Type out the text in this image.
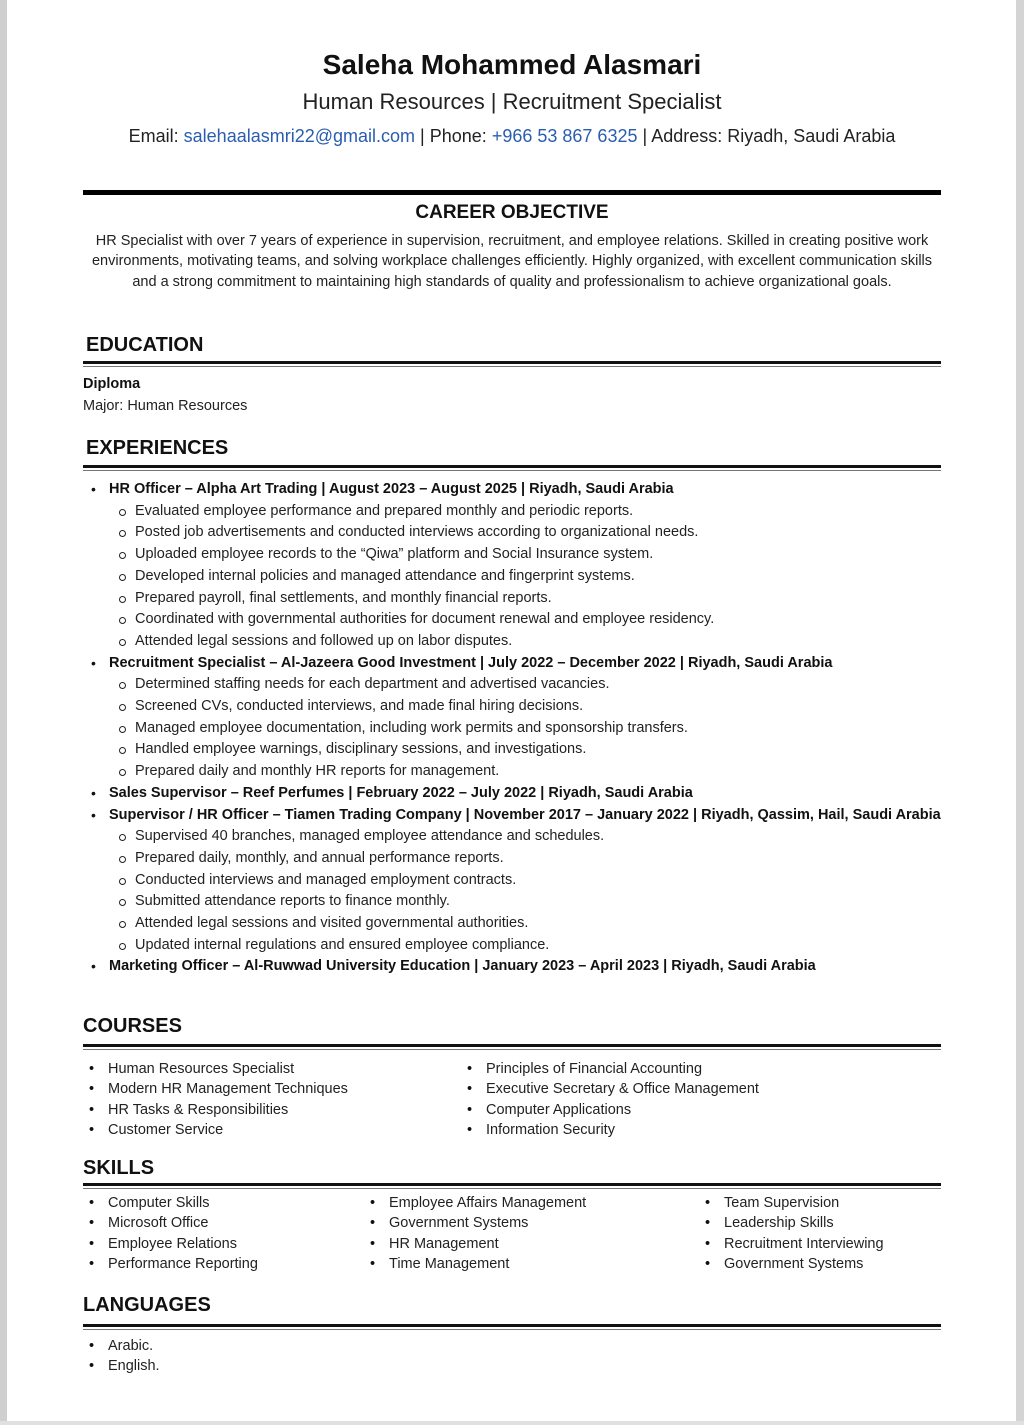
Saleha Mohammed Alasmari
Human Resources | Recruitment Specialist
Email: salehaalasmri22@gmail.com | Phone: +966 53 867 6325 | Address: Riyadh, Saudi Arabia
CAREER OBJECTIVE
HR Specialist with over 7 years of experience in supervision, recruitment, and employee relations. Skilled in creating positive work environments, motivating teams, and solving workplace challenges efficiently. Highly organized, with excellent communication skills and a strong commitment to maintaining high standards of quality and professionalism to achieve organizational goals.
EDUCATION
Diploma
Major: Human Resources
EXPERIENCES
• HR Officer – Alpha Art Trading | August 2023 – August 2025 | Riyadh, Saudi Arabia
Evaluated employee performance and prepared monthly and periodic reports.
Posted job advertisements and conducted interviews according to organizational needs.
Uploaded employee records to the “Qiwa” platform and Social Insurance system.
Developed internal policies and managed attendance and fingerprint systems.
Prepared payroll, final settlements, and monthly financial reports.
Coordinated with governmental authorities for document renewal and employee residency.
Attended legal sessions and followed up on labor disputes.
• Recruitment Specialist – Al-Jazeera Good Investment | July 2022 – December 2022 | Riyadh, Saudi Arabia
Determined staffing needs for each department and advertised vacancies.
Screened CVs, conducted interviews, and made final hiring decisions.
Managed employee documentation, including work permits and sponsorship transfers.
Handled employee warnings, disciplinary sessions, and investigations.
Prepared daily and monthly HR reports for management.
• Sales Supervisor – Reef Perfumes | February 2022 – July 2022 | Riyadh, Saudi Arabia
• Supervisor / HR Officer – Tiamen Trading Company | November 2017 – January 2022 | Riyadh, Qassim, Hail, Saudi Arabia
Supervised 40 branches, managed employee attendance and schedules.
Prepared daily, monthly, and annual performance reports.
Conducted interviews and managed employment contracts.
Submitted attendance reports to finance monthly.
Attended legal sessions and visited governmental authorities.
Updated internal regulations and ensured employee compliance.
• Marketing Officer – Al-Ruwwad University Education | January 2023 – April 2023 | Riyadh, Saudi Arabia
COURSES
• Human Resources Specialist
• Modern HR Management Techniques
• HR Tasks & Responsibilities
• Customer Service
• Principles of Financial Accounting
• Executive Secretary & Office Management
• Computer Applications
• Information Security
SKILLS
• Computer Skills
• Microsoft Office
• Employee Relations
• Performance Reporting
• Employee Affairs Management
• Government Systems
• HR Management
• Time Management
• Team Supervision
• Leadership Skills
• Recruitment Interviewing
• Government Systems
LANGUAGES
• Arabic.
• English.
